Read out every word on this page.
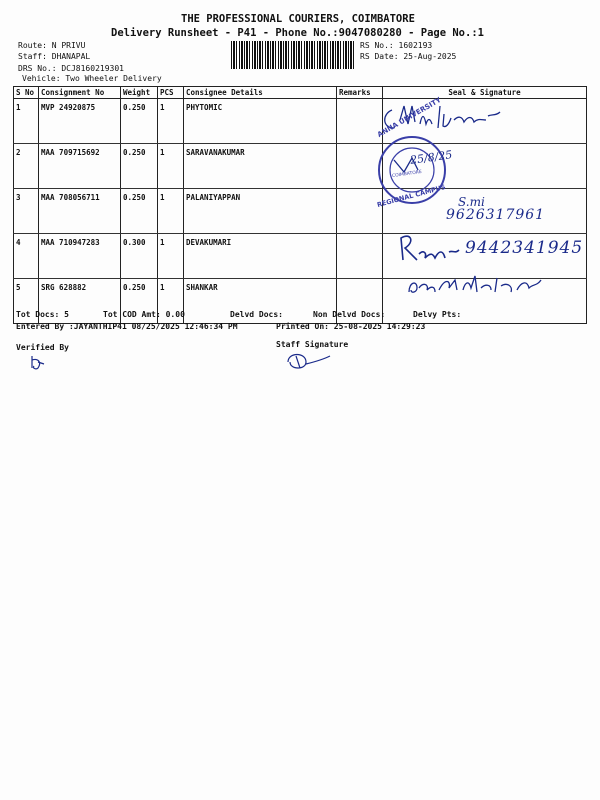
THE PROFESSIONAL COURIERS, COIMBATORE
Delivery Runsheet - P41 - Phone No.:9047080280 - Page No.:1
Route: N PRIVU
Staff: DHANAPAL
DRS No.: DCJ8160219301
Vehicle: Two Wheeler Delivery
RS No.: 1602193
RS Date: 25-Aug-2025
S No	Consignment No	Weight	PCS	Consignee Details	Remarks	Seal & Signature
1	MVP 24920875	0.250	1	PHYTOMIC		
2	MAA 709715692	0.250	1	SARAVANAKUMAR		
3	MAA 708056711	0.250	1	PALANIYAPPAN		
4	MAA 710947283	0.300	1	DEVAKUMARI		
5	SRG 628882	0.250	1	SHANKAR		
ANNA UNIVERSITY
REGIONAL CAMPUS
COIMBATORE
25/8/25
S.mi
9626317961
9442341945
Tot Docs: 5	Tot COD Amt: 0.00	Delvd Docs:	Non Delvd Docs:	Delvy Pts:
Entered By :JAYANTHIP41 08/25/2025 12:46:34 PM	Printed On: 25-08-2025 14:29:23
Verified By	Staff Signature
